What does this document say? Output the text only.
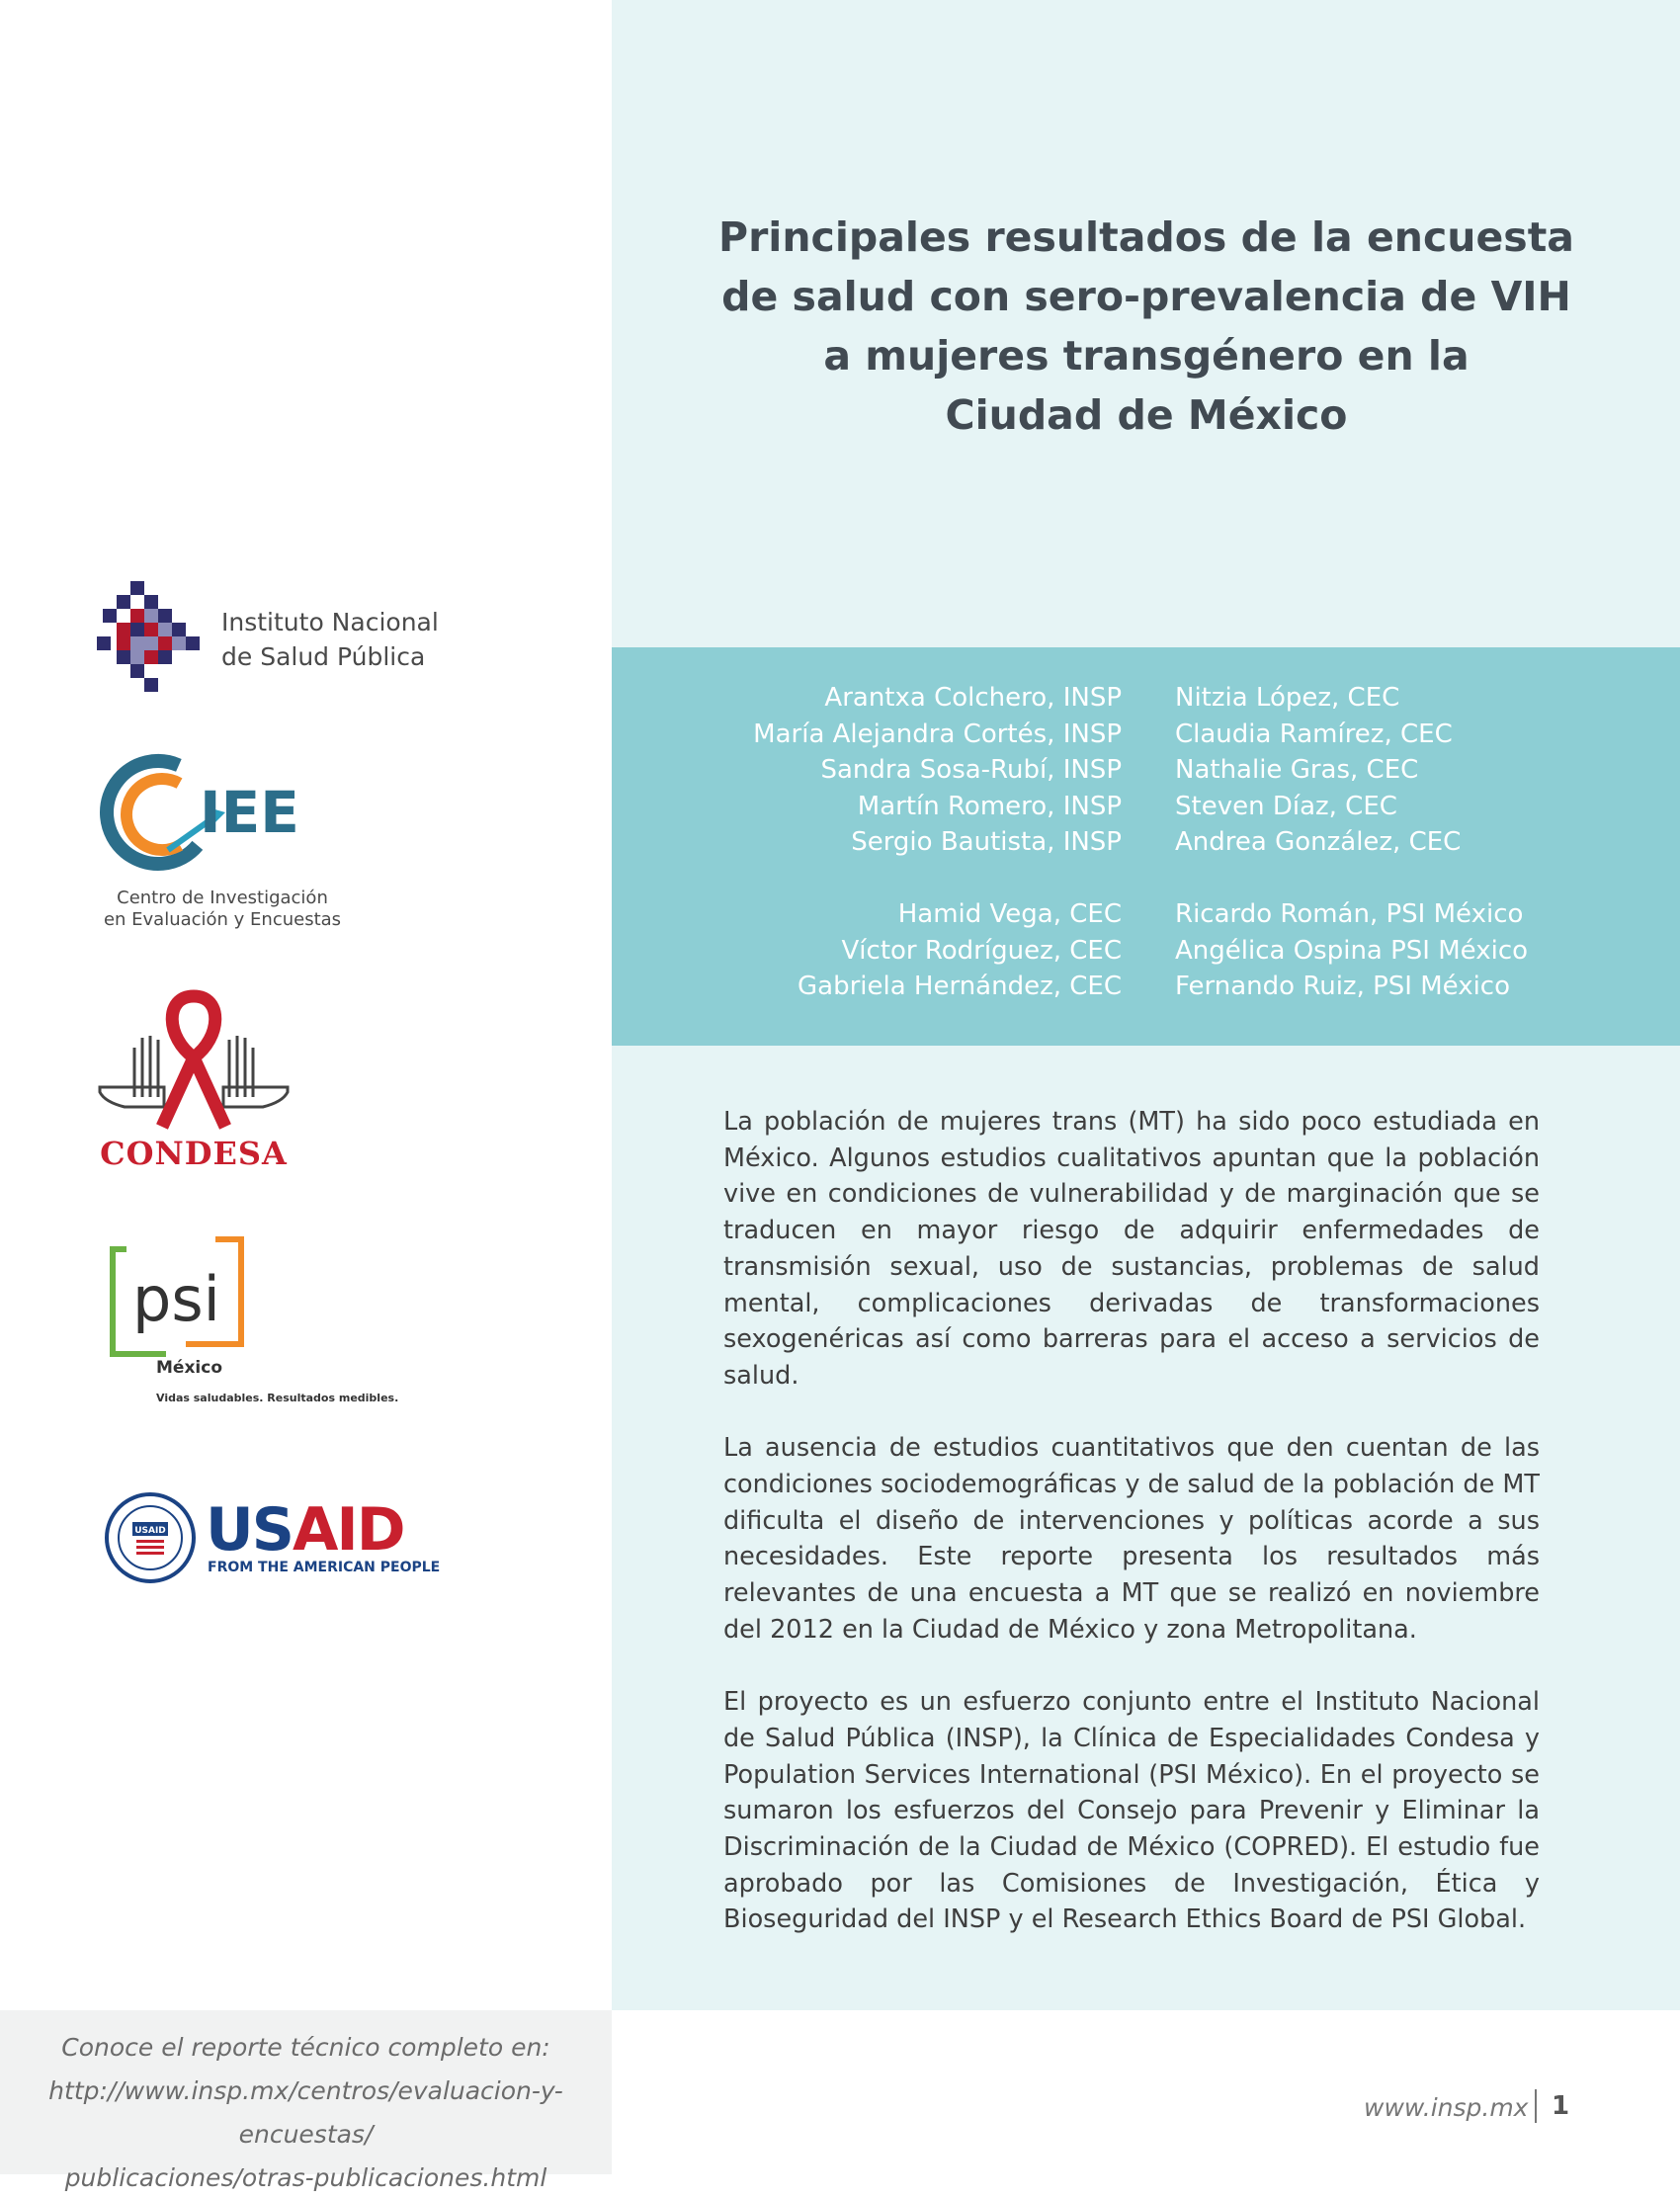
Principales resultados de la encuesta
de salud con sero-prevalencia de VIH
a mujeres transgénero en la
Ciudad de México
Arantxa Colchero, INSP
María Alejandra Cortés, INSP
Sandra Sosa-Rubí, INSP
Martín Romero, INSP
Sergio Bautista, INSP
Hamid Vega, CEC
Víctor Rodríguez, CEC
Gabriela Hernández, CEC
Nitzia López, CEC
Claudia Ramírez, CEC
Nathalie Gras, CEC
Steven Díaz, CEC
Andrea González, CEC
Ricardo Román, PSI México
Angélica Ospina PSI México
Fernando Ruiz, PSI México

La población de mujeres trans (MT) ha sido poco estudiada en México. Algunos estudios cualitativos apuntan que la población vive en condiciones de vulnerabilidad y de marginación que se traducen en mayor riesgo de adquirir enfermedades de transmisión sexual, uso de sustancias, problemas de salud mental, complicaciones derivadas de transformaciones sexogenéricas así como barreras para el acceso a servicios de salud.

La ausencia de estudios cuantitativos que den cuentan de las condiciones sociodemográficas y de salud de la población de MT dificulta el diseño de intervenciones y políticas acorde a sus necesidades. Este reporte presenta los resultados más relevantes de una encuesta a MT que se realizó en noviembre del 2012 en la Ciudad de México y zona Metropolitana.

El proyecto es un esfuerzo conjunto entre el Instituto Nacional de Salud Pública (INSP), la Clínica de Especialidades Condesa y Population Services International (PSI México). En el proyecto se sumaron los esfuerzos del Consejo para Prevenir y Eliminar la Discriminación de la Ciudad de México (COPRED). El estudio fue aprobado por las Comisiones de Investigación, Ética y Bioseguridad del INSP y el Research Ethics Board de PSI Global.

Instituto Nacional
de Salud Pública
IEE
Centro de Investigación
en Evaluación y Encuestas
CONDESA
psi
México
Vidas saludables. Resultados medibles.
USAID USAID
FROM THE AMERICAN PEOPLE
Conoce el reporte técnico completo en:
http://www.insp.mx/centros/evaluacion-y-encuestas/
publicaciones/otras-publicaciones.html
www.insp.mx 1
